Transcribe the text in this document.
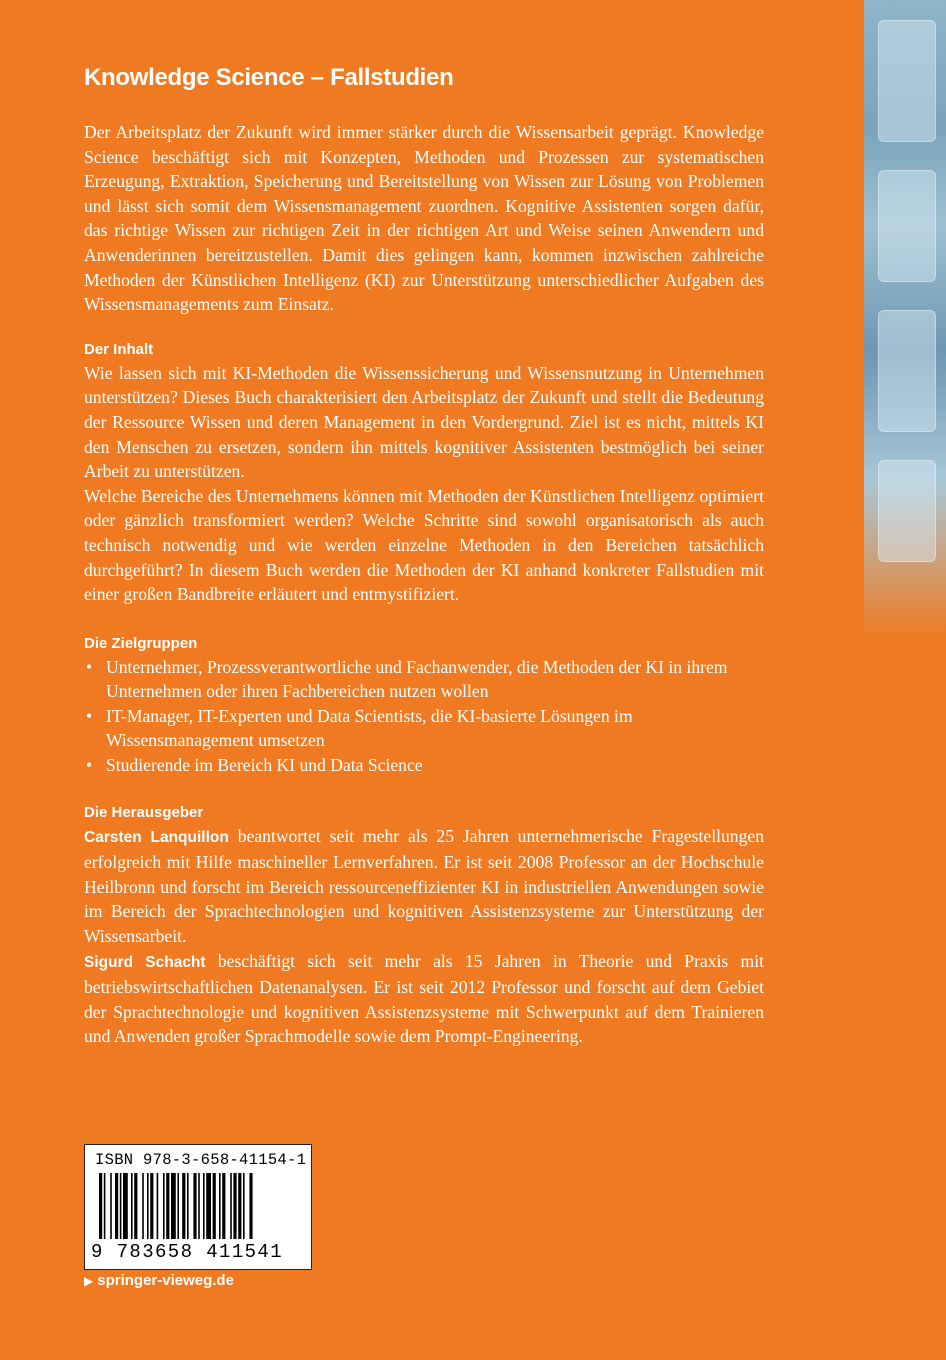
Knowledge Science – Fallstudien

Der Arbeitsplatz der Zukunft wird immer stärker durch die Wissensarbeit geprägt. Knowledge Science beschäftigt sich mit Konzepten, Methoden und Prozessen zur systematischen Erzeugung, Extraktion, Speicherung und Bereitstellung von Wissen zur Lösung von Problemen und lässt sich somit dem Wissensmanagement zuordnen. Kognitive Assistenten sorgen dafür, das richtige Wissen zur richtigen Zeit in der richtigen Art und Weise seinen Anwendern und Anwenderinnen bereitzustellen. Damit dies gelingen kann, kommen inzwischen zahlreiche Methoden der Künstlichen Intelligenz (KI) zur Unterstützung unterschiedlicher Aufgaben des Wissensmanagements zum Einsatz.

Der Inhalt

Wie lassen sich mit KI-Methoden die Wissenssicherung und Wissensnutzung in Unternehmen unterstützen? Dieses Buch charakterisiert den Arbeitsplatz der Zukunft und stellt die Bedeutung der Ressource Wissen und deren Management in den Vordergrund. Ziel ist es nicht, mittels KI den Menschen zu ersetzen, sondern ihn mittels kognitiver Assistenten bestmöglich bei seiner Arbeit zu unterstützen.

Welche Bereiche des Unternehmens können mit Methoden der Künstlichen Intelligenz optimiert oder gänzlich transformiert werden? Welche Schritte sind sowohl organisatorisch als auch technisch notwendig und wie werden einzelne Methoden in den Bereichen tatsächlich durchgeführt? In diesem Buch werden die Methoden der KI anhand konkreter Fallstudien mit einer großen Bandbreite erläutert und entmystifiziert.

Die Zielgruppen
• Unternehmer, Prozessverantwortliche und Fachanwender, die Methoden der KI in ihrem Unternehmen oder ihren Fachbereichen nutzen wollen
• IT-Manager, IT-Experten und Data Scientists, die KI-basierte Lösungen im Wissensmanagement umsetzen
• Studierende im Bereich KI und Data Science
Die Herausgeber

Carsten Lanquillon beantwortet seit mehr als 25 Jahren unternehmerische Fragestellungen erfolgreich mit Hilfe maschineller Lernverfahren. Er ist seit 2008 Professor an der Hochschule Heilbronn und forscht im Bereich ressourceneffizienter KI in industriellen Anwendungen sowie im Bereich der Sprachtechnologien und kognitiven Assistenzsysteme zur Unterstützung der Wissensarbeit.

Sigurd Schacht beschäftigt sich seit mehr als 15 Jahren in Theorie und Praxis mit betriebswirtschaftlichen Datenanalysen. Er ist seit 2012 Professor und forscht auf dem Gebiet der Sprachtechnologie und kognitiven Assistenzsysteme mit Schwerpunkt auf dem Trainieren und Anwenden großer Sprachmodelle sowie dem Prompt-Engineering.

ISBN 978-3-658-41154-1
9 783658 411541
▶ springer-vieweg.de
